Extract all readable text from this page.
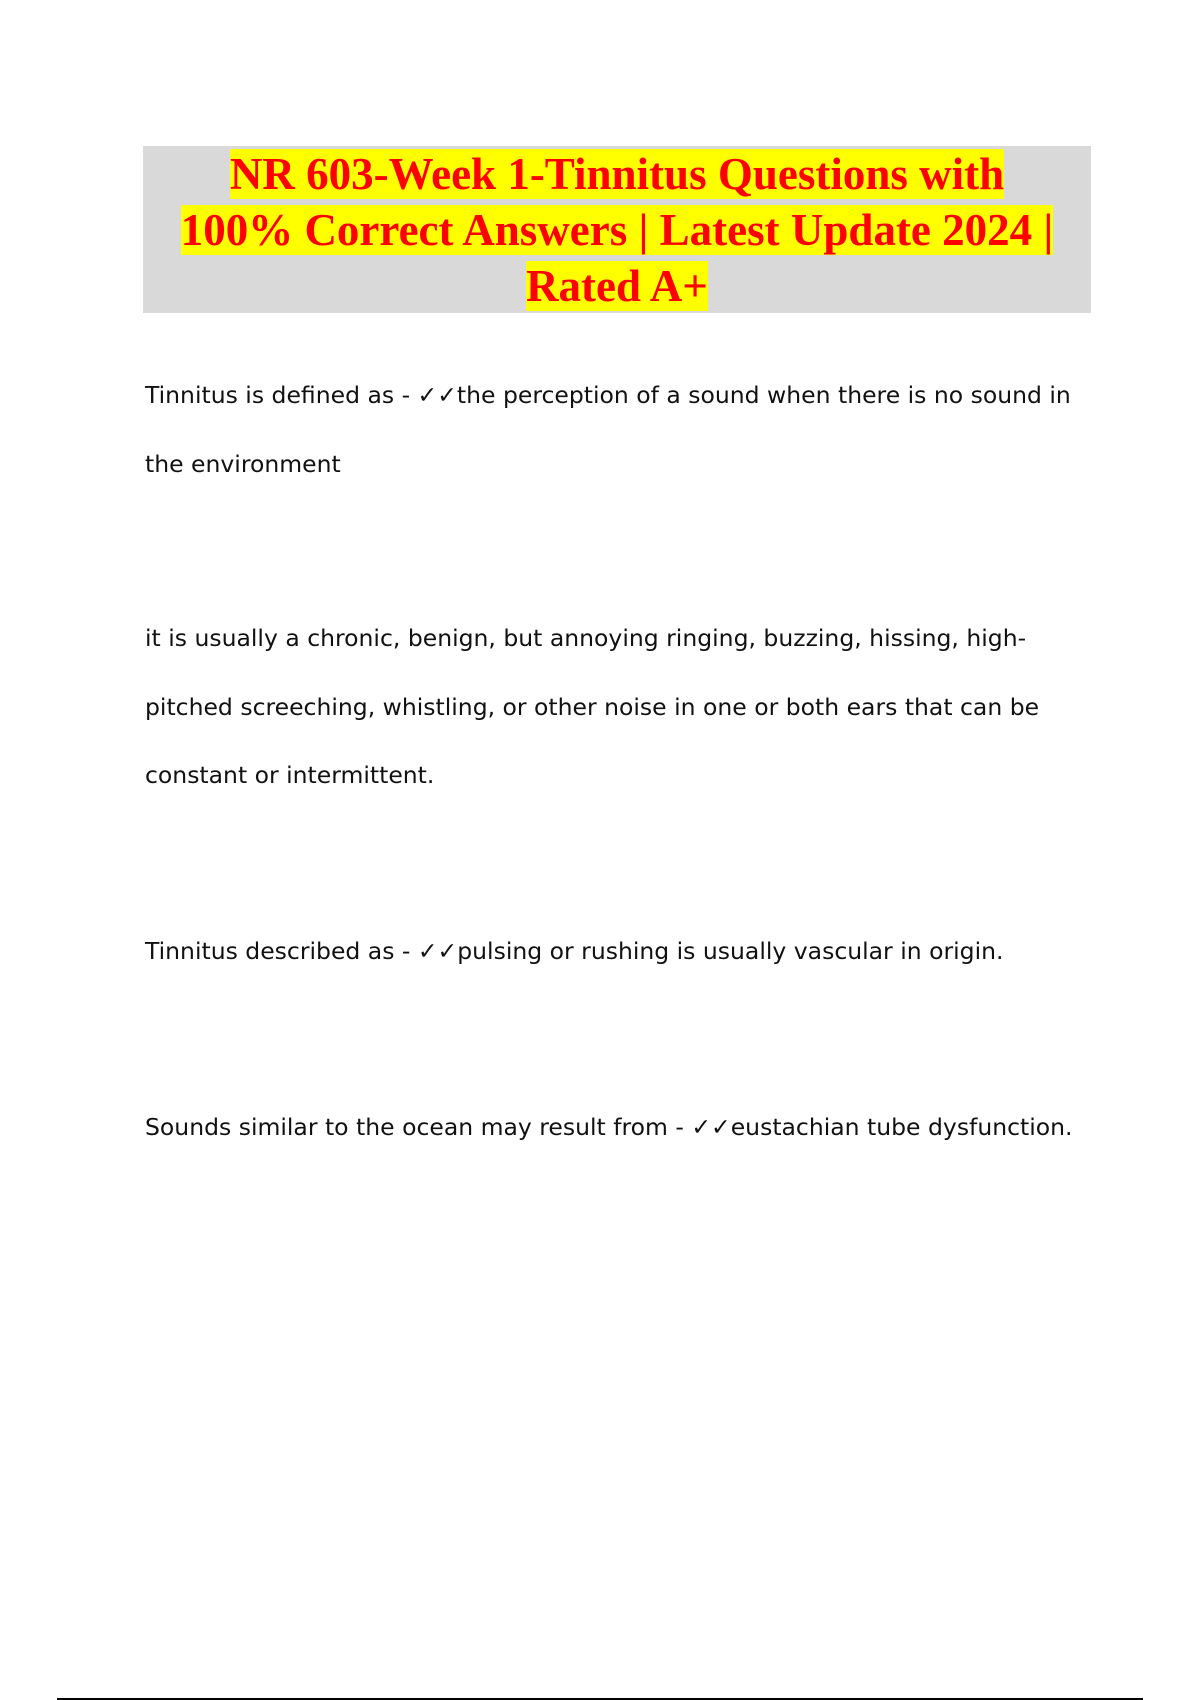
NR 603-Week 1-Tinnitus Questions with
100% Correct Answers | Latest Update 2024 |
Rated A+

Tinnitus is defined as - ✓✓the perception of a sound when there is no sound in the environment

it is usually a chronic, benign, but annoying ringing, buzzing, hissing, high-pitched screeching, whistling, or other noise in one or both ears that can be constant or intermittent.

Tinnitus described as - ✓✓pulsing or rushing is usually vascular in origin.

Sounds similar to the ocean may result from - ✓✓eustachian tube dysfunction.
